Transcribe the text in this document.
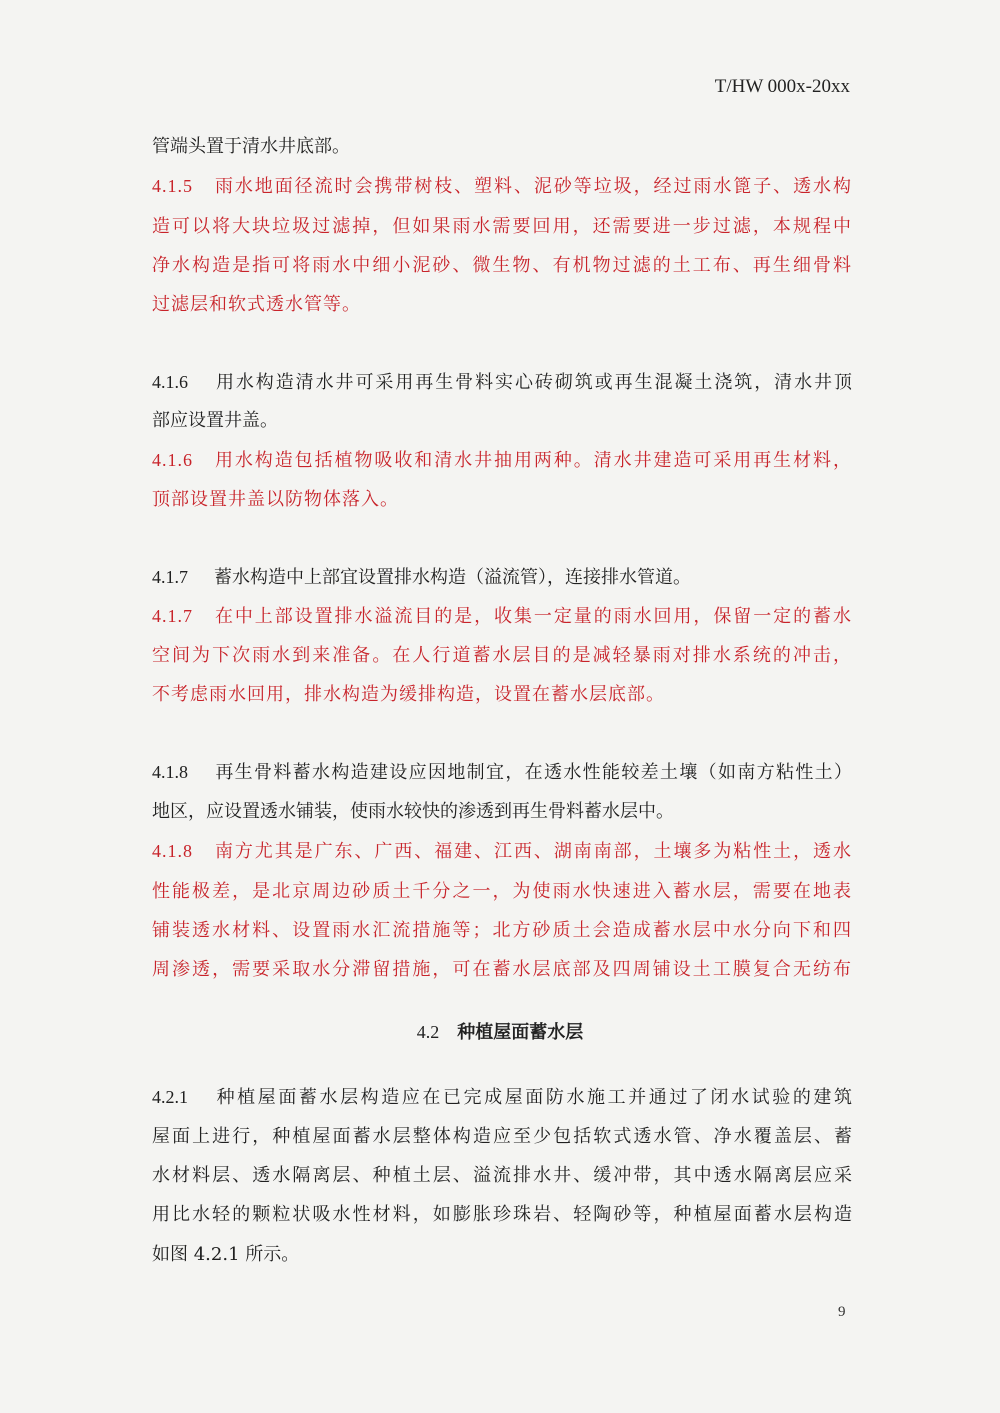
T/HW 000x-20xx
管端头置于清水井底部。
4.1.5 雨水地面径流时会携带树枝、塑料、泥砂等垃圾，经过雨水篦子、透水构
造可以将大块垃圾过滤掉，但如果雨水需要回用，还需要进一步过滤，本规程中
净水构造是指可将雨水中细小泥砂、微生物、有机物过滤的土工布、再生细骨料
过滤层和软式透水管等。
4.1.6 用水构造清水井可采用再生骨料实心砖砌筑或再生混凝土浇筑，清水井顶
部应设置井盖。
4.1.6 用水构造包括植物吸收和清水井抽用两种。清水井建造可采用再生材料，
顶部设置井盖以防物体落入。
4.1.7 蓄水构造中上部宜设置排水构造（溢流管），连接排水管道。
4.1.7 在中上部设置排水溢流目的是，收集一定量的雨水回用，保留一定的蓄水
空间为下次雨水到来准备。在人行道蓄水层目的是减轻暴雨对排水系统的冲击，
不考虑雨水回用，排水构造为缓排构造，设置在蓄水层底部。
4.1.8 再生骨料蓄水构造建设应因地制宜，在透水性能较差土壤（如南方粘性土）
地区，应设置透水铺装，使雨水较快的渗透到再生骨料蓄水层中。
4.1.8 南方尤其是广东、广西、福建、江西、湖南南部，土壤多为粘性土，透水
性能极差，是北京周边砂质土千分之一，为使雨水快速进入蓄水层，需要在地表
铺装透水材料、设置雨水汇流措施等；北方砂质土会造成蓄水层中水分向下和四
周渗透，需要采取水分滞留措施，可在蓄水层底部及四周铺设土工膜复合无纺布
4.2 种植屋面蓄水层
4.2.1 种植屋面蓄水层构造应在已完成屋面防水施工并通过了闭水试验的建筑
屋面上进行，种植屋面蓄水层整体构造应至少包括软式透水管、净水覆盖层、蓄
水材料层、透水隔离层、种植土层、溢流排水井、缓冲带，其中透水隔离层应采
用比水轻的颗粒状吸水性材料，如膨胀珍珠岩、轻陶砂等，种植屋面蓄水层构造
如图 4.2.1 所示。
9
